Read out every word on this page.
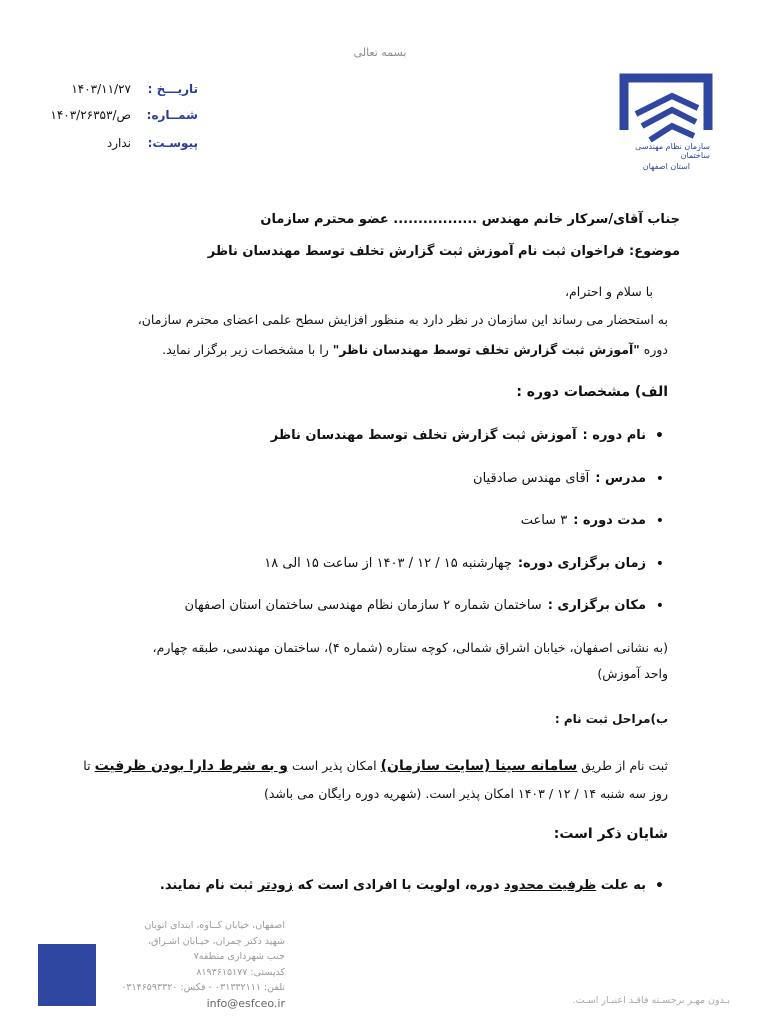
بسمه تعالی
سازمان نظام مهندسی ساختمان
استان اصفهان
تاریـــخ :
۱۴۰۳/۱۱/۲۷
شمــاره:
ص/۱۴۰۳/۲۶۳۵۳
پیوسـت:
ندارد
جناب آقای/سرکار خانم مهندس ................. عضو محترم سازمان
موضوع: فراخوان ثبت نام آموزش ثبت گزارش تخلف توسط مهندسان ناظر
با سلام و احترام،
به استحضار می رساند این سازمان در نظر دارد به منظور افزایش سطح علمی اعضای محترم سازمان،
دوره "آموزش ثبت گزارش تخلف توسط مهندسان ناظر" را با مشخصات زیر برگزار نماید.
الف) مشخصات دوره :
•
نام دوره :
آموزش ثبت گزارش تخلف توسط مهندسان ناظر
•
مدرس :
آقای مهندس صادقیان
•
مدت دوره :
۳ ساعت
•
زمان برگزاری دوره:
چهارشنبه ۱۵ / ۱۲ / ۱۴۰۳ از ساعت ۱۵ الی ۱۸
•
مکان برگزاری :
ساختمان شماره ۲ سازمان نظام مهندسی ساختمان استان اصفهان
(به نشانی اصفهان، خیابان اشراق شمالی، کوچه ستاره (شماره ۴)، ساختمان مهندسی، طبقه چهارم،
واحد آموزش)
ب)مراحل ثبت نام :
ثبت نام از طریق سامانه سینا (سایت سازمان) امکان پذیر است و به شرط دارا بودن ظرفیت تا
روز سه شنبه ۱۴ / ۱۲ / ۱۴۰۳ امکان پذیر است. (شهریه دوره رایگان می باشد)
شایان ذکر است:
•
به علت ظرفیت محدود دوره، اولویت با افرادی است که زودتر ثبت نام نمایند.
اصفهان، خیابان کــاوه، ابتدای اتوبان
شهید دکتر چمران، خیـابان اشـراق،
جنب شهرداری منطقه۷
کدپستی: ۸۱۹۳۶۱۵۱۷۷
تلفن: ۰۳۱۳۳۲۱۱۱ - فکس: ۰۳۱۴۶۵۹۳۳۲۰
info@esfceo.ir	بـدون مهـر برجسـته فاقـد اعتبـار اسـت.
